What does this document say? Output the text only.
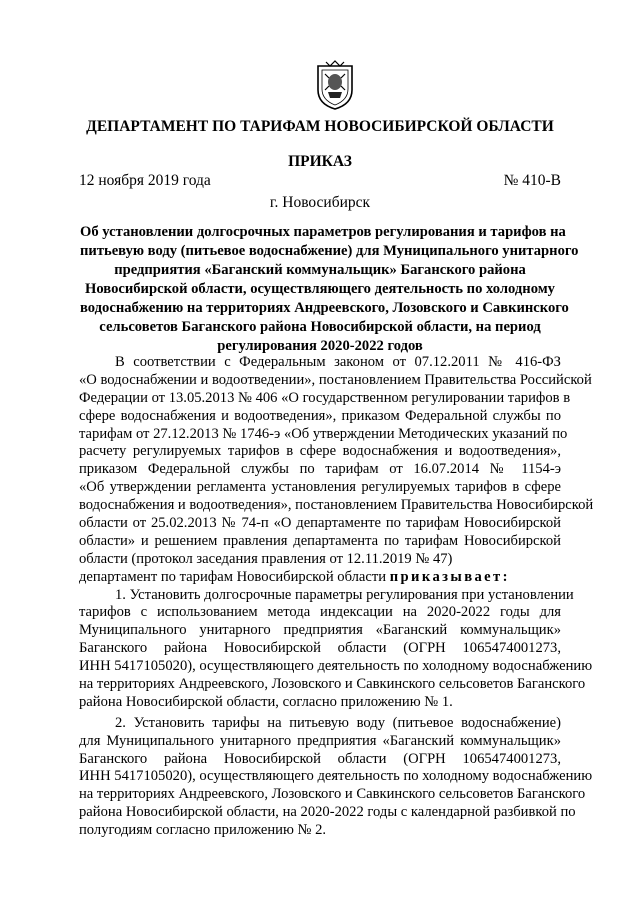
ДЕПАРТАМЕНТ ПО ТАРИФАМ НОВОСИБИРСКОЙ ОБЛАСТИ
ПРИКАЗ
12 ноября 2019 года	№ 410-В
г. Новосибирск
Об установлении долгосрочных параметров регулирования и тарифов на
питьевую воду (питьевое водоснабжение) для Муниципального унитарного
предприятия «Баганский коммунальщик» Баганского района
Новосибирской области, осуществляющего деятельность по холодному
водоснабжению на территориях Андреевского, Лозовского и Савкинского
сельсоветов Баганского района Новосибирской области, на период
регулирования 2020-2022 годов
В соответствии с Федеральным законом от 07.12.2011 № 416-ФЗ
«О водоснабжении и водоотведении», постановлением Правительства Российской
Федерации от 13.05.2013 № 406 «О государственном регулировании тарифов в
сфере водоснабжения и водоотведения», приказом Федеральной службы по
тарифам от 27.12.2013 № 1746-э «Об утверждении Методических указаний по
расчету регулируемых тарифов в сфере водоснабжения и водоотведения»,
приказом Федеральной службы по тарифам от 16.07.2014 № 1154-э
«Об утверждении регламента установления регулируемых тарифов в сфере
водоснабжения и водоотведения», постановлением Правительства Новосибирской
области от 25.02.2013 № 74-п «О департаменте по тарифам Новосибирской
области» и решением правления департамента по тарифам Новосибирской
области (протокол заседания правления от 12.11.2019 № 47)
департамент по тарифам Новосибирской области приказывает:
1. Установить долгосрочные параметры регулирования при установлении
тарифов с использованием метода индексации на 2020-2022 годы для
Муниципального унитарного предприятия «Баганский коммунальщик»
Баганского района Новосибирской области (ОГРН 1065474001273,
ИНН 5417105020), осуществляющего деятельность по холодному водоснабжению
на территориях Андреевского, Лозовского и Савкинского сельсоветов Баганского
района Новосибирской области, согласно приложению № 1.
2. Установить тарифы на питьевую воду (питьевое водоснабжение)
для Муниципального унитарного предприятия «Баганский коммунальщик»
Баганского района Новосибирской области (ОГРН 1065474001273,
ИНН 5417105020), осуществляющего деятельность по холодному водоснабжению
на территориях Андреевского, Лозовского и Савкинского сельсоветов Баганского
района Новосибирской области, на 2020-2022 годы с календарной разбивкой по
полугодиям согласно приложению № 2.
